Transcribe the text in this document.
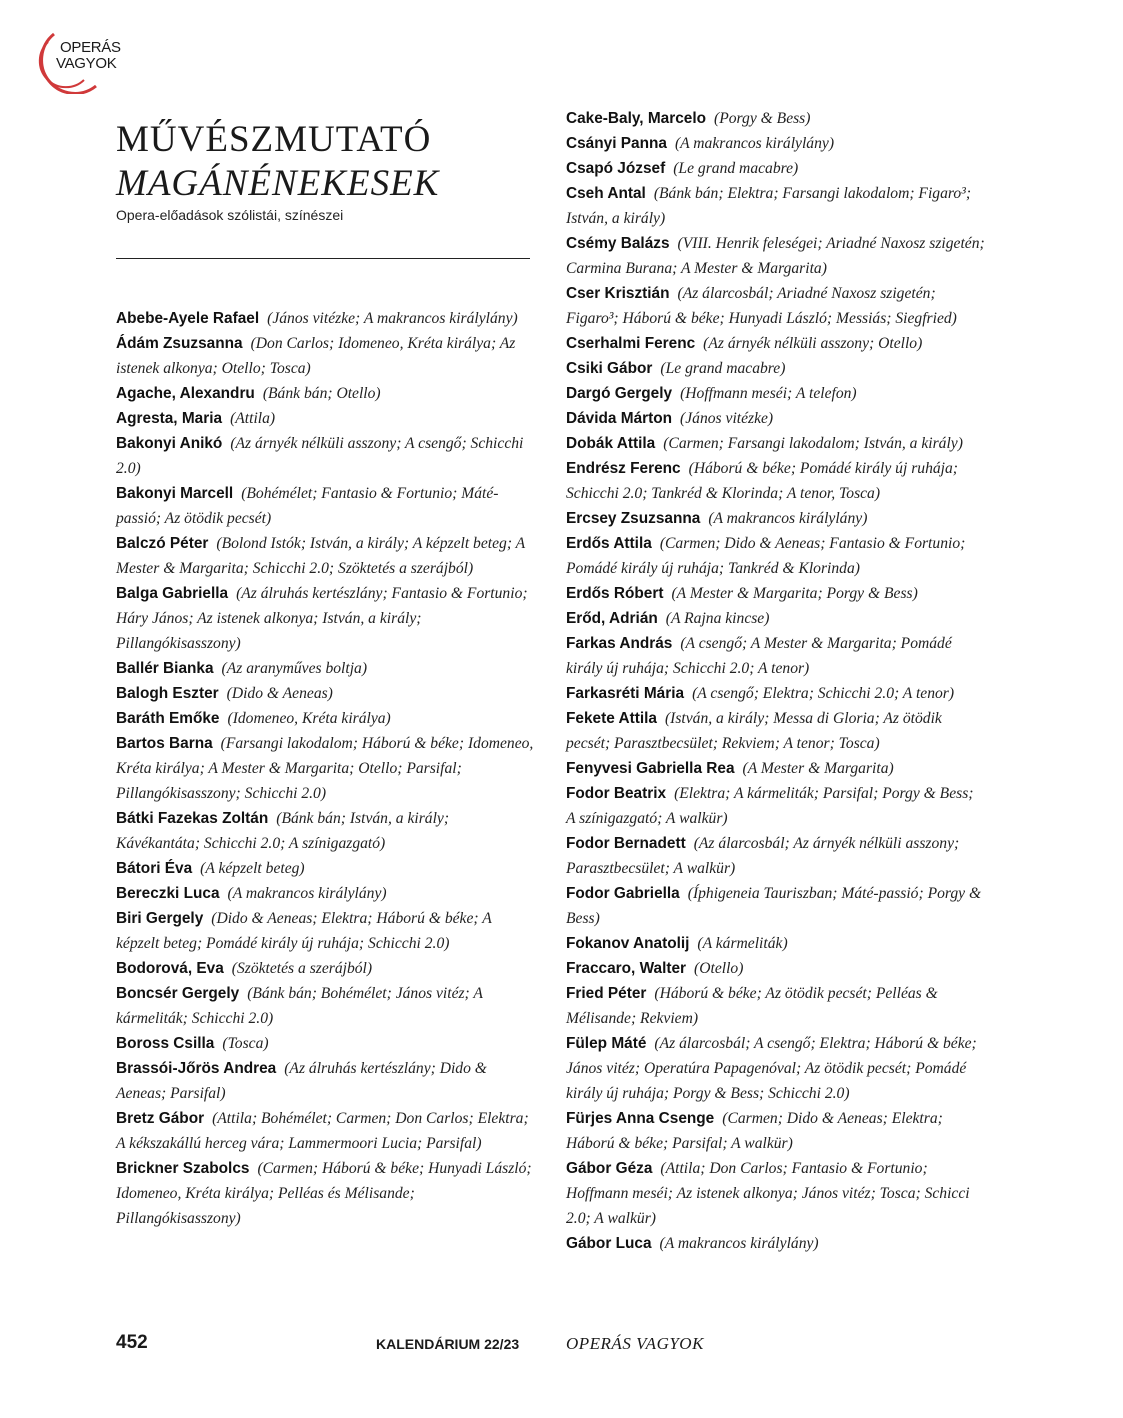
OPERÁS
VAGYOK
MŰVÉSZMUTATÓ
MAGÁNÉNEKESEK
Opera-előadások szólistái, színészei
Abebe-Ayele Rafael (János vitézke; A makrancos királylány)
Ádám Zsuzsanna (Don Carlos; Idomeneo, Kréta királya; Az istenek alkonya; Otello; Tosca)
Agache, Alexandru (Bánk bán; Otello)
Agresta, Maria (Attila)
Bakonyi Anikó (Az árnyék nélküli asszony; A csengő; Schicchi 2.0)
Bakonyi Marcell (Bohémélet; Fantasio & Fortunio; Máté-passió; Az ötödik pecsét)
Balczó Péter (Bolond Istók; István, a király; A képzelt beteg; A Mester & Margarita; Schicchi 2.0; Szöktetés a szerájból)
Balga Gabriella (Az álruhás kertészlány; Fantasio & Fortunio; Háry János; Az istenek alkonya; István, a király; Pillangókisasszony)
Ballér Bianka (Az aranyműves boltja)
Balogh Eszter (Dido & Aeneas)
Baráth Emőke (Idomeneo, Kréta királya)
Bartos Barna (Farsangi lakodalom; Háború & béke; Idomeneo, Kréta királya; A Mester & Margarita; Otello; Parsifal; Pillangókisasszony; Schicchi 2.0)
Bátki Fazekas Zoltán (Bánk bán; István, a király; Kávékantáta; Schicchi 2.0; A színigazgató)
Bátori Éva (A képzelt beteg)
Bereczki Luca (A makrancos királylány)
Biri Gergely (Dido & Aeneas; Elektra; Háború & béke; A képzelt beteg; Pomádé király új ruhája; Schicchi 2.0)
Bodorová, Eva (Szöktetés a szerájból)
Boncsér Gergely (Bánk bán; Bohémélet; János vitéz; A kármeliták; Schicchi 2.0)
Boross Csilla (Tosca)
Brassói-Jőrös Andrea (Az álruhás kertészlány; Dido & Aeneas; Parsifal)
Bretz Gábor (Attila; Bohémélet; Carmen; Don Carlos; Elektra; A kékszakállú herceg vára; Lammermoori Lucia; Parsifal)
Brickner Szabolcs (Carmen; Háború & béke; Hunyadi László; Idomeneo, Kréta királya; Pelléas és Mélisande; Pillangókisasszony)
Cake-Baly, Marcelo (Porgy & Bess)
Csányi Panna (A makrancos királylány)
Csapó József (Le grand macabre)
Cseh Antal (Bánk bán; Elektra; Farsangi lakodalom; Figaro³; István, a király)
Csémy Balázs (VIII. Henrik feleségei; Ariadné Naxosz szigetén; Carmina Burana; A Mester & Margarita)
Cser Krisztián (Az álarcosbál; Ariadné Naxosz szigetén; Figaro³; Háború & béke; Hunyadi László; Messiás; Siegfried)
Cserhalmi Ferenc (Az árnyék nélküli asszony; Otello)
Csiki Gábor (Le grand macabre)
Dargó Gergely (Hoffmann meséi; A telefon)
Dávida Márton (János vitézke)
Dobák Attila (Carmen; Farsangi lakodalom; István, a király)
Endrész Ferenc (Háború & béke; Pomádé király új ruhája; Schicchi 2.0; Tankréd & Klorinda; A tenor, Tosca)
Ercsey Zsuzsanna (A makrancos királylány)
Erdős Attila (Carmen; Dido & Aeneas; Fantasio & Fortunio; Pomádé király új ruhája; Tankréd & Klorinda)
Erdős Róbert (A Mester & Margarita; Porgy & Bess)
Erőd, Adrián (A Rajna kincse)
Farkas András (A csengő; A Mester & Margarita; Pomádé király új ruhája; Schicchi 2.0; A tenor)
Farkasréti Mária (A csengő; Elektra; Schicchi 2.0; A tenor)
Fekete Attila (István, a király; Messa di Gloria; Az ötödik pecsét; Parasztbecsület; Rekviem; A tenor; Tosca)
Fenyvesi Gabriella Rea (A Mester & Margarita)
Fodor Beatrix (Elektra; A kármeliták; Parsifal; Porgy & Bess; A színigazgató; A walkür)
Fodor Bernadett (Az álarcosbál; Az árnyék nélküli asszony; Parasztbecsület; A walkür)
Fodor Gabriella (Íphigeneia Tauriszban; Máté-passió; Porgy & Bess)
Fokanov Anatolij (A kármeliták)
Fraccaro, Walter (Otello)
Fried Péter (Háború & béke; Az ötödik pecsét; Pelléas & Mélisande; Rekviem)
Fülep Máté (Az álarcosbál; A csengő; Elektra; Háború & béke; János vitéz; Operatúra Papagenóval; Az ötödik pecsét; Pomádé király új ruhája; Porgy & Bess; Schicchi 2.0)
Fürjes Anna Csenge (Carmen; Dido & Aeneas; Elektra; Háború & béke; Parsifal; A walkür)
Gábor Géza (Attila; Don Carlos; Fantasio & Fortunio; Hoffmann meséi; Az istenek alkonya; János vitéz; Tosca; Schicci 2.0; A walkür)
Gábor Luca (A makrancos királylány)
452	KALENDÁRIUM 22/23	OPERÁS VAGYOK
